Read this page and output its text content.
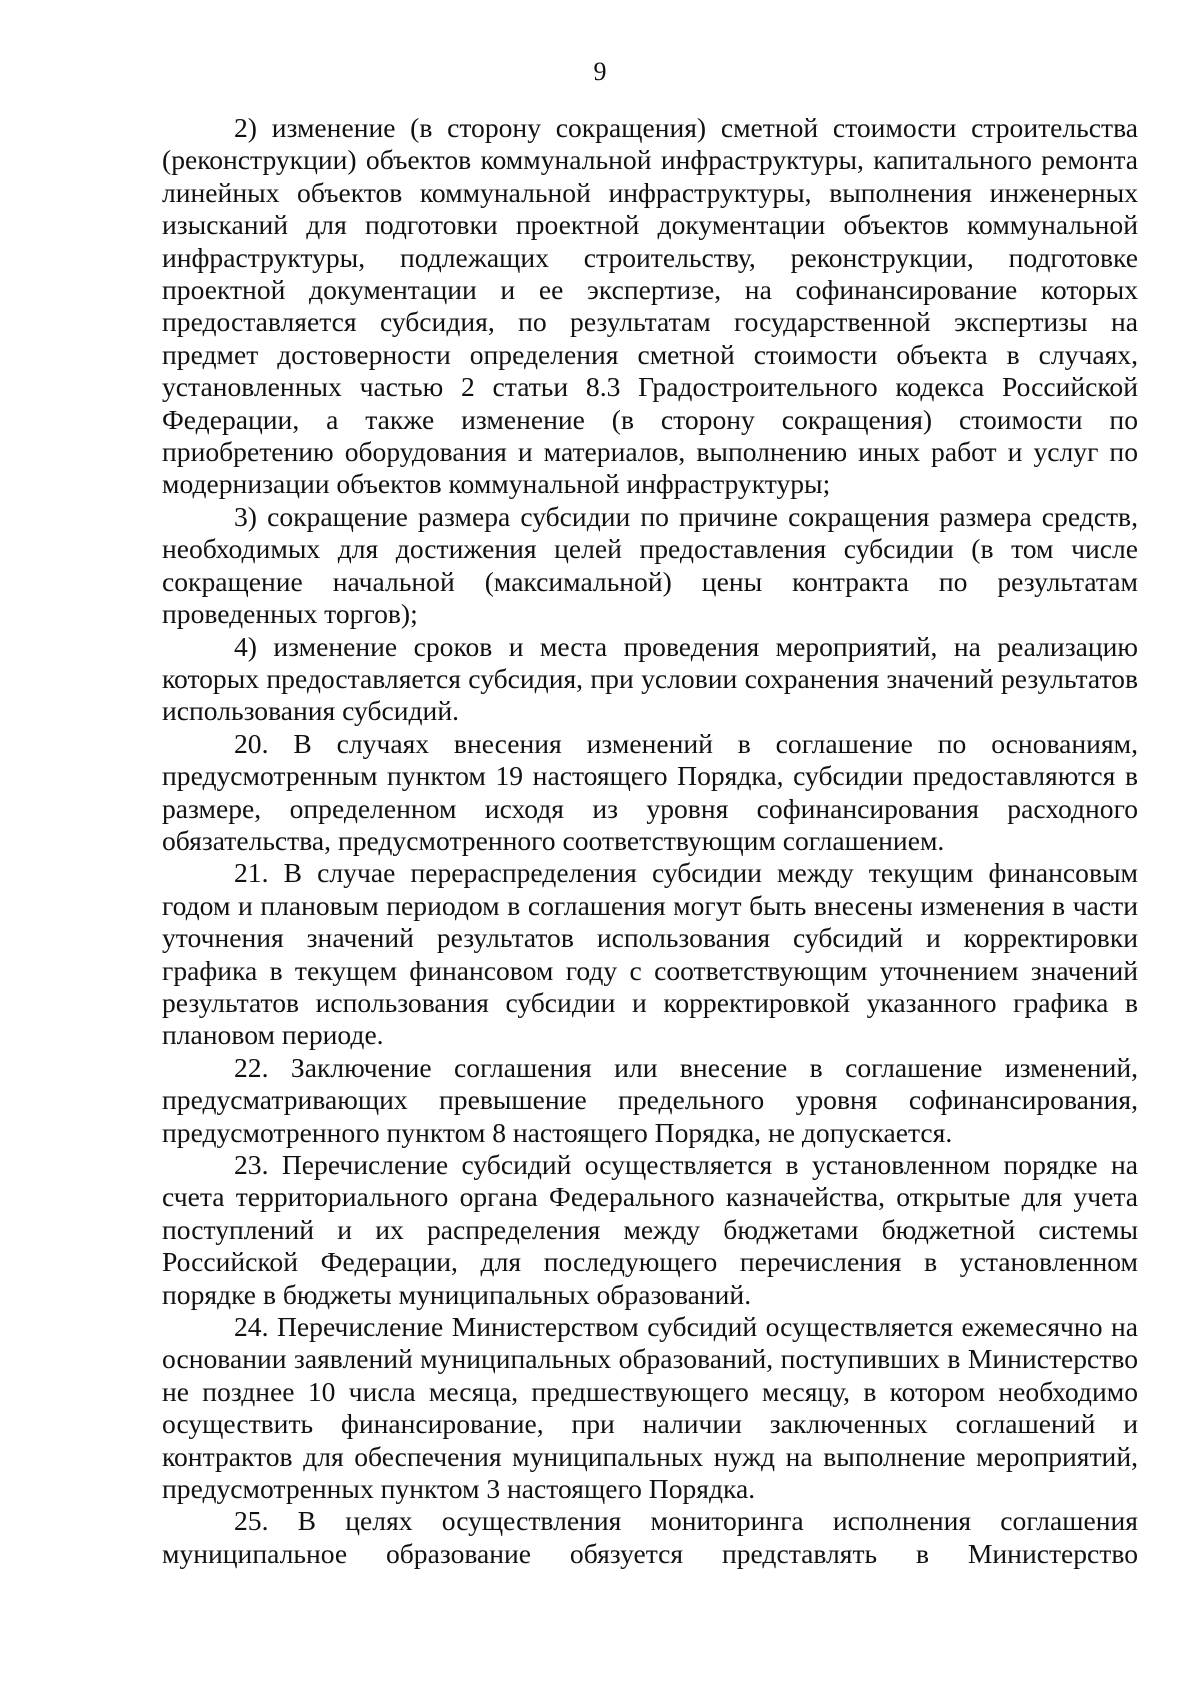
9

2) изменение (в сторону сокращения) сметной стоимости строительства (реконструкции) объектов коммунальной инфраструктуры, капитального ремонта линейных объектов коммунальной инфраструктуры, выполнения инженерных изысканий для подготовки проектной документации объектов коммунальной инфраструктуры, подлежащих строительству, реконструкции, подготовке проектной документации и ее экспертизе, на софинансирование которых предоставляется субсидия, по результатам государственной экспертизы на предмет достоверности определения сметной стоимости объекта в случаях, установленных частью 2 статьи 8.3 Градостроительного кодекса Российской Федерации, а также изменение (в сторону сокращения) стоимости по приобретению оборудования и материалов, выполнению иных работ и услуг по модернизации объектов коммунальной инфраструктуры;

3) сокращение размера субсидии по причине сокращения размера средств, необходимых для достижения целей предоставления субсидии (в том числе сокращение начальной (максимальной) цены контракта по результатам проведенных торгов);

4) изменение сроков и места проведения мероприятий, на реализацию которых предоставляется субсидия, при условии сохранения значений результатов использования субсидий.

20. В случаях внесения изменений в соглашение по основаниям, предусмотренным пунктом 19 настоящего Порядка, субсидии предоставляются в размере, определенном исходя из уровня софинансирования расходного обязательства, предусмотренного соответствующим соглашением.

21. В случае перераспределения субсидии между текущим финансовым годом и плановым периодом в соглашения могут быть внесены изменения в части уточнения значений результатов использования субсидий и корректировки графика в текущем финансовом году с соответствующим уточнением значений результатов использования субсидии и корректировкой указанного графика в плановом периоде.

22. Заключение соглашения или внесение в соглашение изменений, предусматривающих превышение предельного уровня софинансирования, предусмотренного пунктом 8 настоящего Порядка, не допускается.

23. Перечисление субсидий осуществляется в установленном порядке на счета территориального органа Федерального казначейства, открытые для учета поступлений и их распределения между бюджетами бюджетной системы Российской Федерации, для последующего перечисления в установленном порядке в бюджеты муниципальных образований.

24. Перечисление Министерством субсидий осуществляется ежемесячно на основании заявлений муниципальных образований, поступивших в Министерство не позднее 10 числа месяца, предшествующего месяцу, в котором необходимо осуществить финансирование, при наличии заключенных соглашений и контрактов для обеспечения муниципальных нужд на выполнение мероприятий, предусмотренных пунктом 3 настоящего Порядка.

25. В целях осуществления мониторинга исполнения соглашения муниципальное образование обязуется представлять в Министерство
